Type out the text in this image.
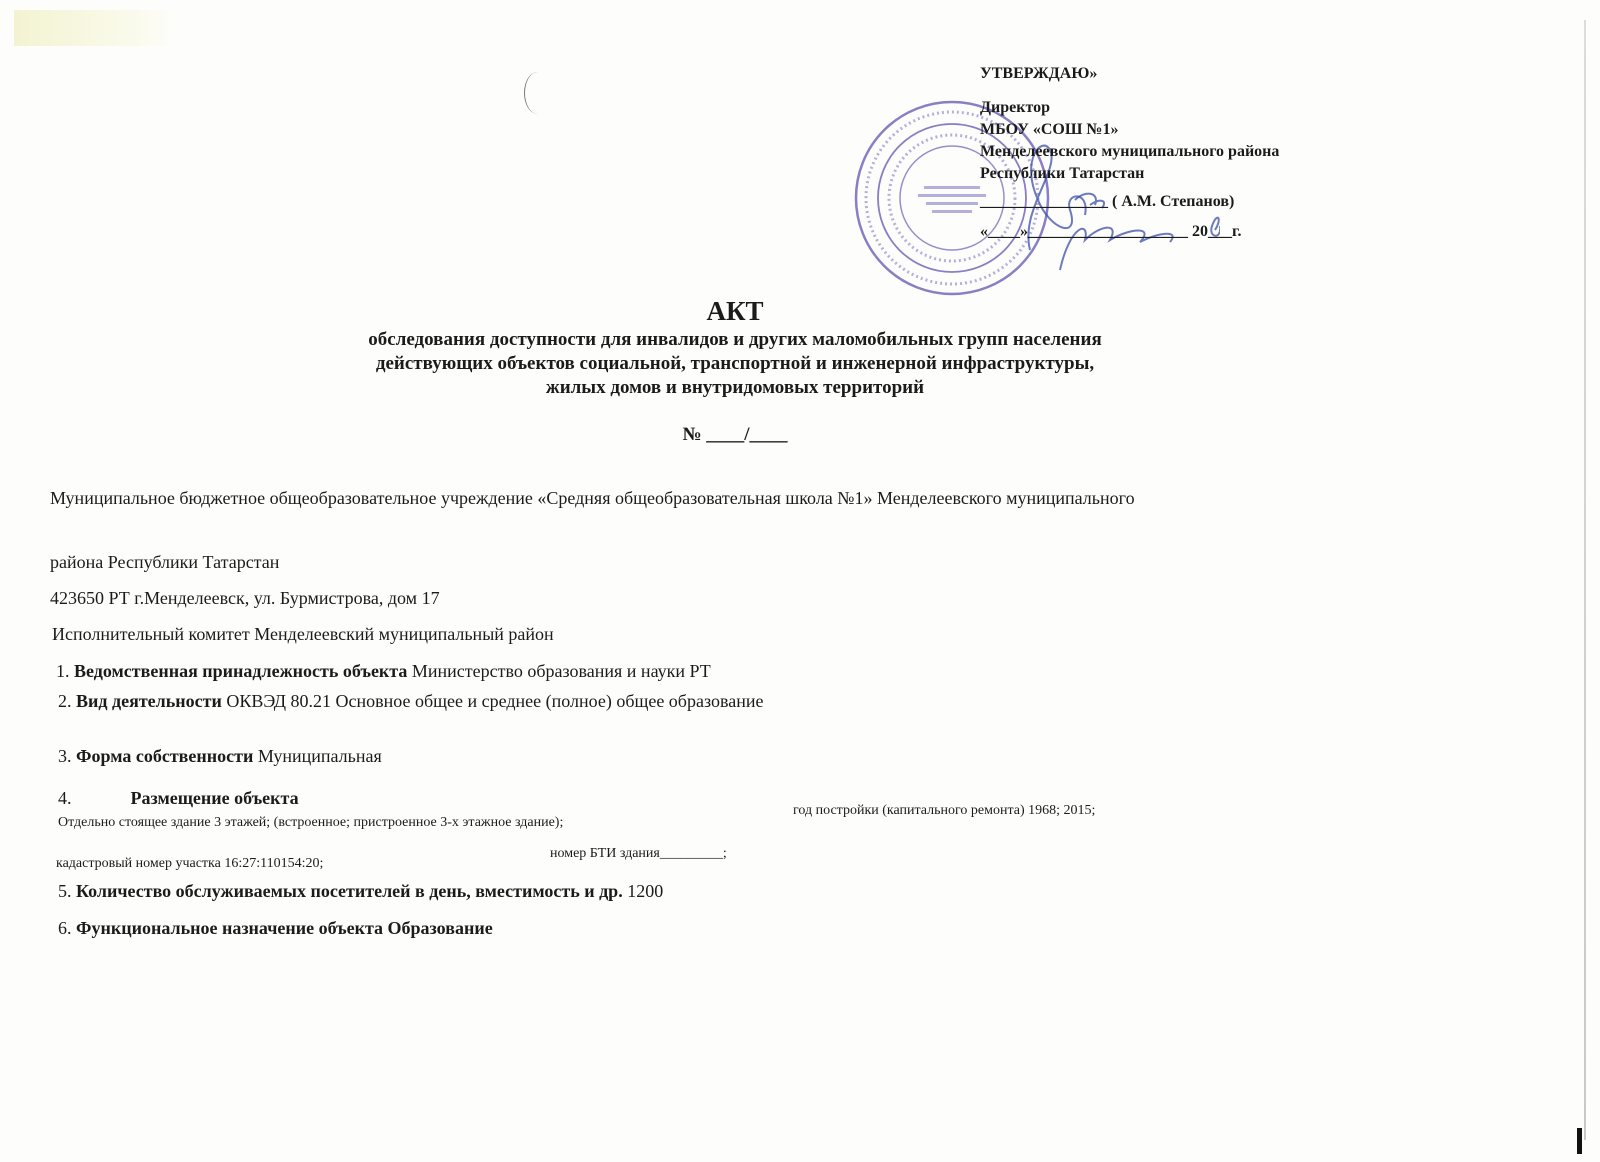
УТВЕРЖДАЮ»
Директор
МБОУ «СОШ №1»
Менделеевского муниципального района
Республики Татарстан
________________ ( А.М. Степанов)
«____»____________________ 20___г.
АКТ
обследования доступности для инвалидов и других маломобильных групп населения
действующих объектов социальной, транспортной и инженерной инфраструктуры,
жилых домов и внутридомовых территорий
№ ____/____
Муниципальное бюджетное общеобразовательное учреждение «Средняя общеобразовательная школа №1» Менделеевского муниципального
района Республики Татарстан
423650 РТ г.Менделеевск, ул. Бурмистрова, дом 17
Исполнительный комитет Менделеевский муниципальный район
1. Ведомственная принадлежность объекта Министерство образования и науки РТ
2. Вид деятельности ОКВЭД 80.21 Основное общее и среднее (полное) общее образование
3. Форма собственности Муниципальная
4.	Размещение объекта
Отдельно стоящее здание 3 этажей; (встроенное; пристроенное 3-х этажное здание);
год постройки (капитального ремонта) 1968; 2015;
кадастровый номер участка 16:27:110154:20;
номер БТИ здания_________;
5. Количество обслуживаемых посетителей в день, вместимость и др. 1200
6. Функциональное назначение объекта Образование
